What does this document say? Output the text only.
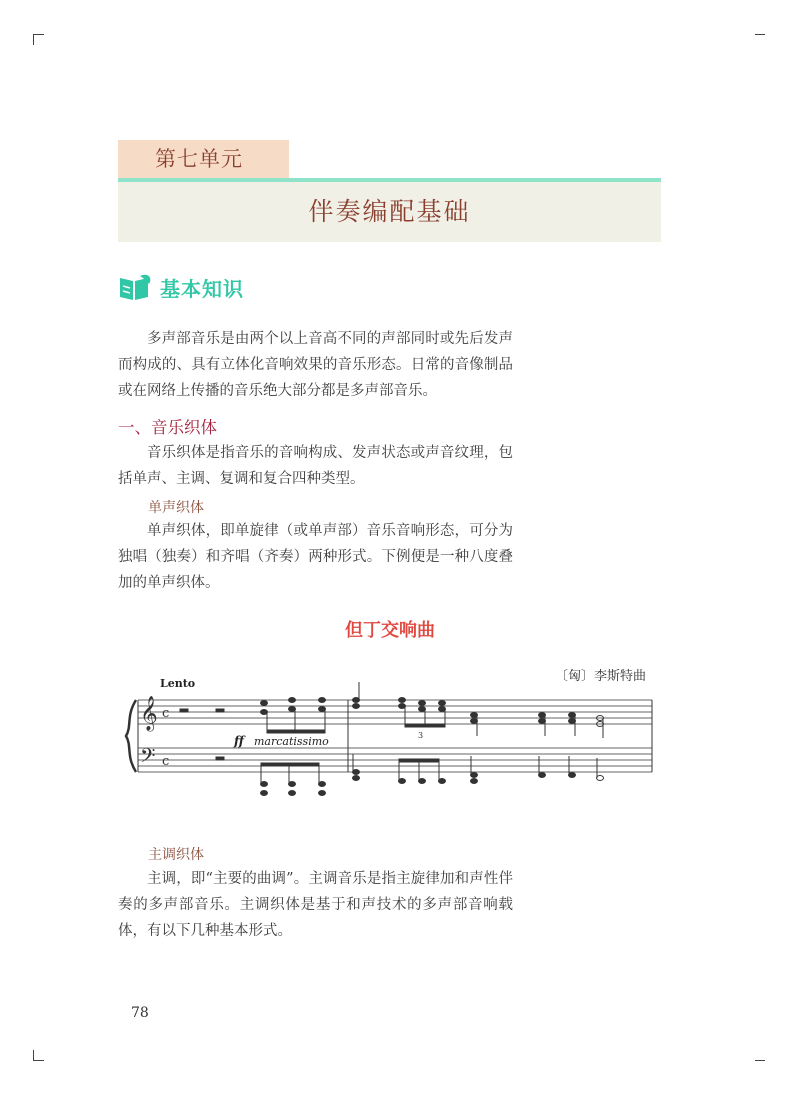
第七单元
伴奏编配基础
基本知识

多声部音乐是由两个以上音高不同的声部同时或先后发声而构成的、具有立体化音响效果的音乐形态。日常的音像制品或在网络上传播的音乐绝大部分都是多声部音乐。

一、音乐织体

音乐织体是指音乐的音响构成、发声状态或声音纹理，包括单声、主调、复调和复合四种类型。

单声织体

单声织体，即单旋律（或单声部）音乐音响形态，可分为独唱（独奏）和齐唱（齐奏）两种形式。下例便是一种八度叠加的单声织体。

但丁交响曲
〔匈〕李斯特曲
𝄞
𝄢
c
c
Lento
ff marcatissimo	3
主调织体

主调，即“主要的曲调”。主调音乐是指主旋律加和声性伴奏的多声部音乐。主调织体是基于和声技术的多声部音响载体，有以下几种基本形式。

78
